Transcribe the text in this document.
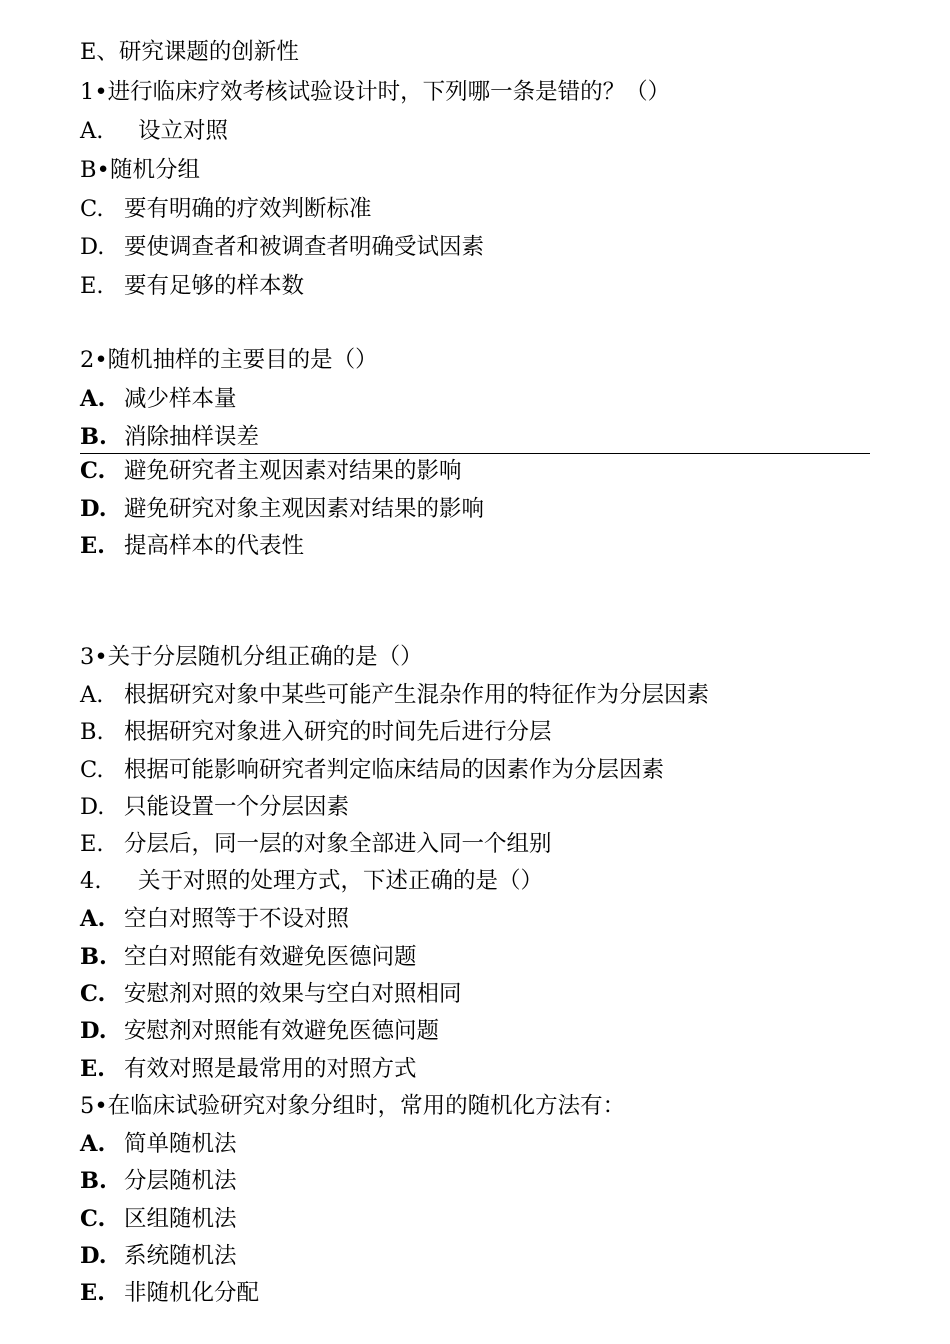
E、研究课题的创新性
1•进行临床疗效考核试验设计时，下列哪一条是错的？（）
A. 设立对照
B•随机分组
C. 要有明确的疗效判断标准
D. 要使调查者和被调查者明确受试因素
E. 要有足够的样本数
2•随机抽样的主要目的是（）
A. 减少样本量
B. 消除抽样误差
C. 避免研究者主观因素对结果的影响
D. 避免研究对象主观因素对结果的影响
E. 提高样本的代表性
3•关于分层随机分组正确的是（）
A. 根据研究对象中某些可能产生混杂作用的特征作为分层因素
B. 根据研究对象进入研究的时间先后进行分层
C. 根据可能影响研究者判定临床结局的因素作为分层因素
D. 只能设置一个分层因素
E. 分层后，同一层的对象全部进入同一个组别
4. 关于对照的处理方式，下述正确的是（）
A. 空白对照等于不设对照
B. 空白对照能有效避免医德问题
C. 安慰剂对照的效果与空白对照相同
D. 安慰剂对照能有效避免医德问题
E. 有效对照是最常用的对照方式
5•在临床试验研究对象分组时，常用的随机化方法有：
A. 简单随机法
B. 分层随机法
C. 区组随机法
D. 系统随机法
E. 非随机化分配
